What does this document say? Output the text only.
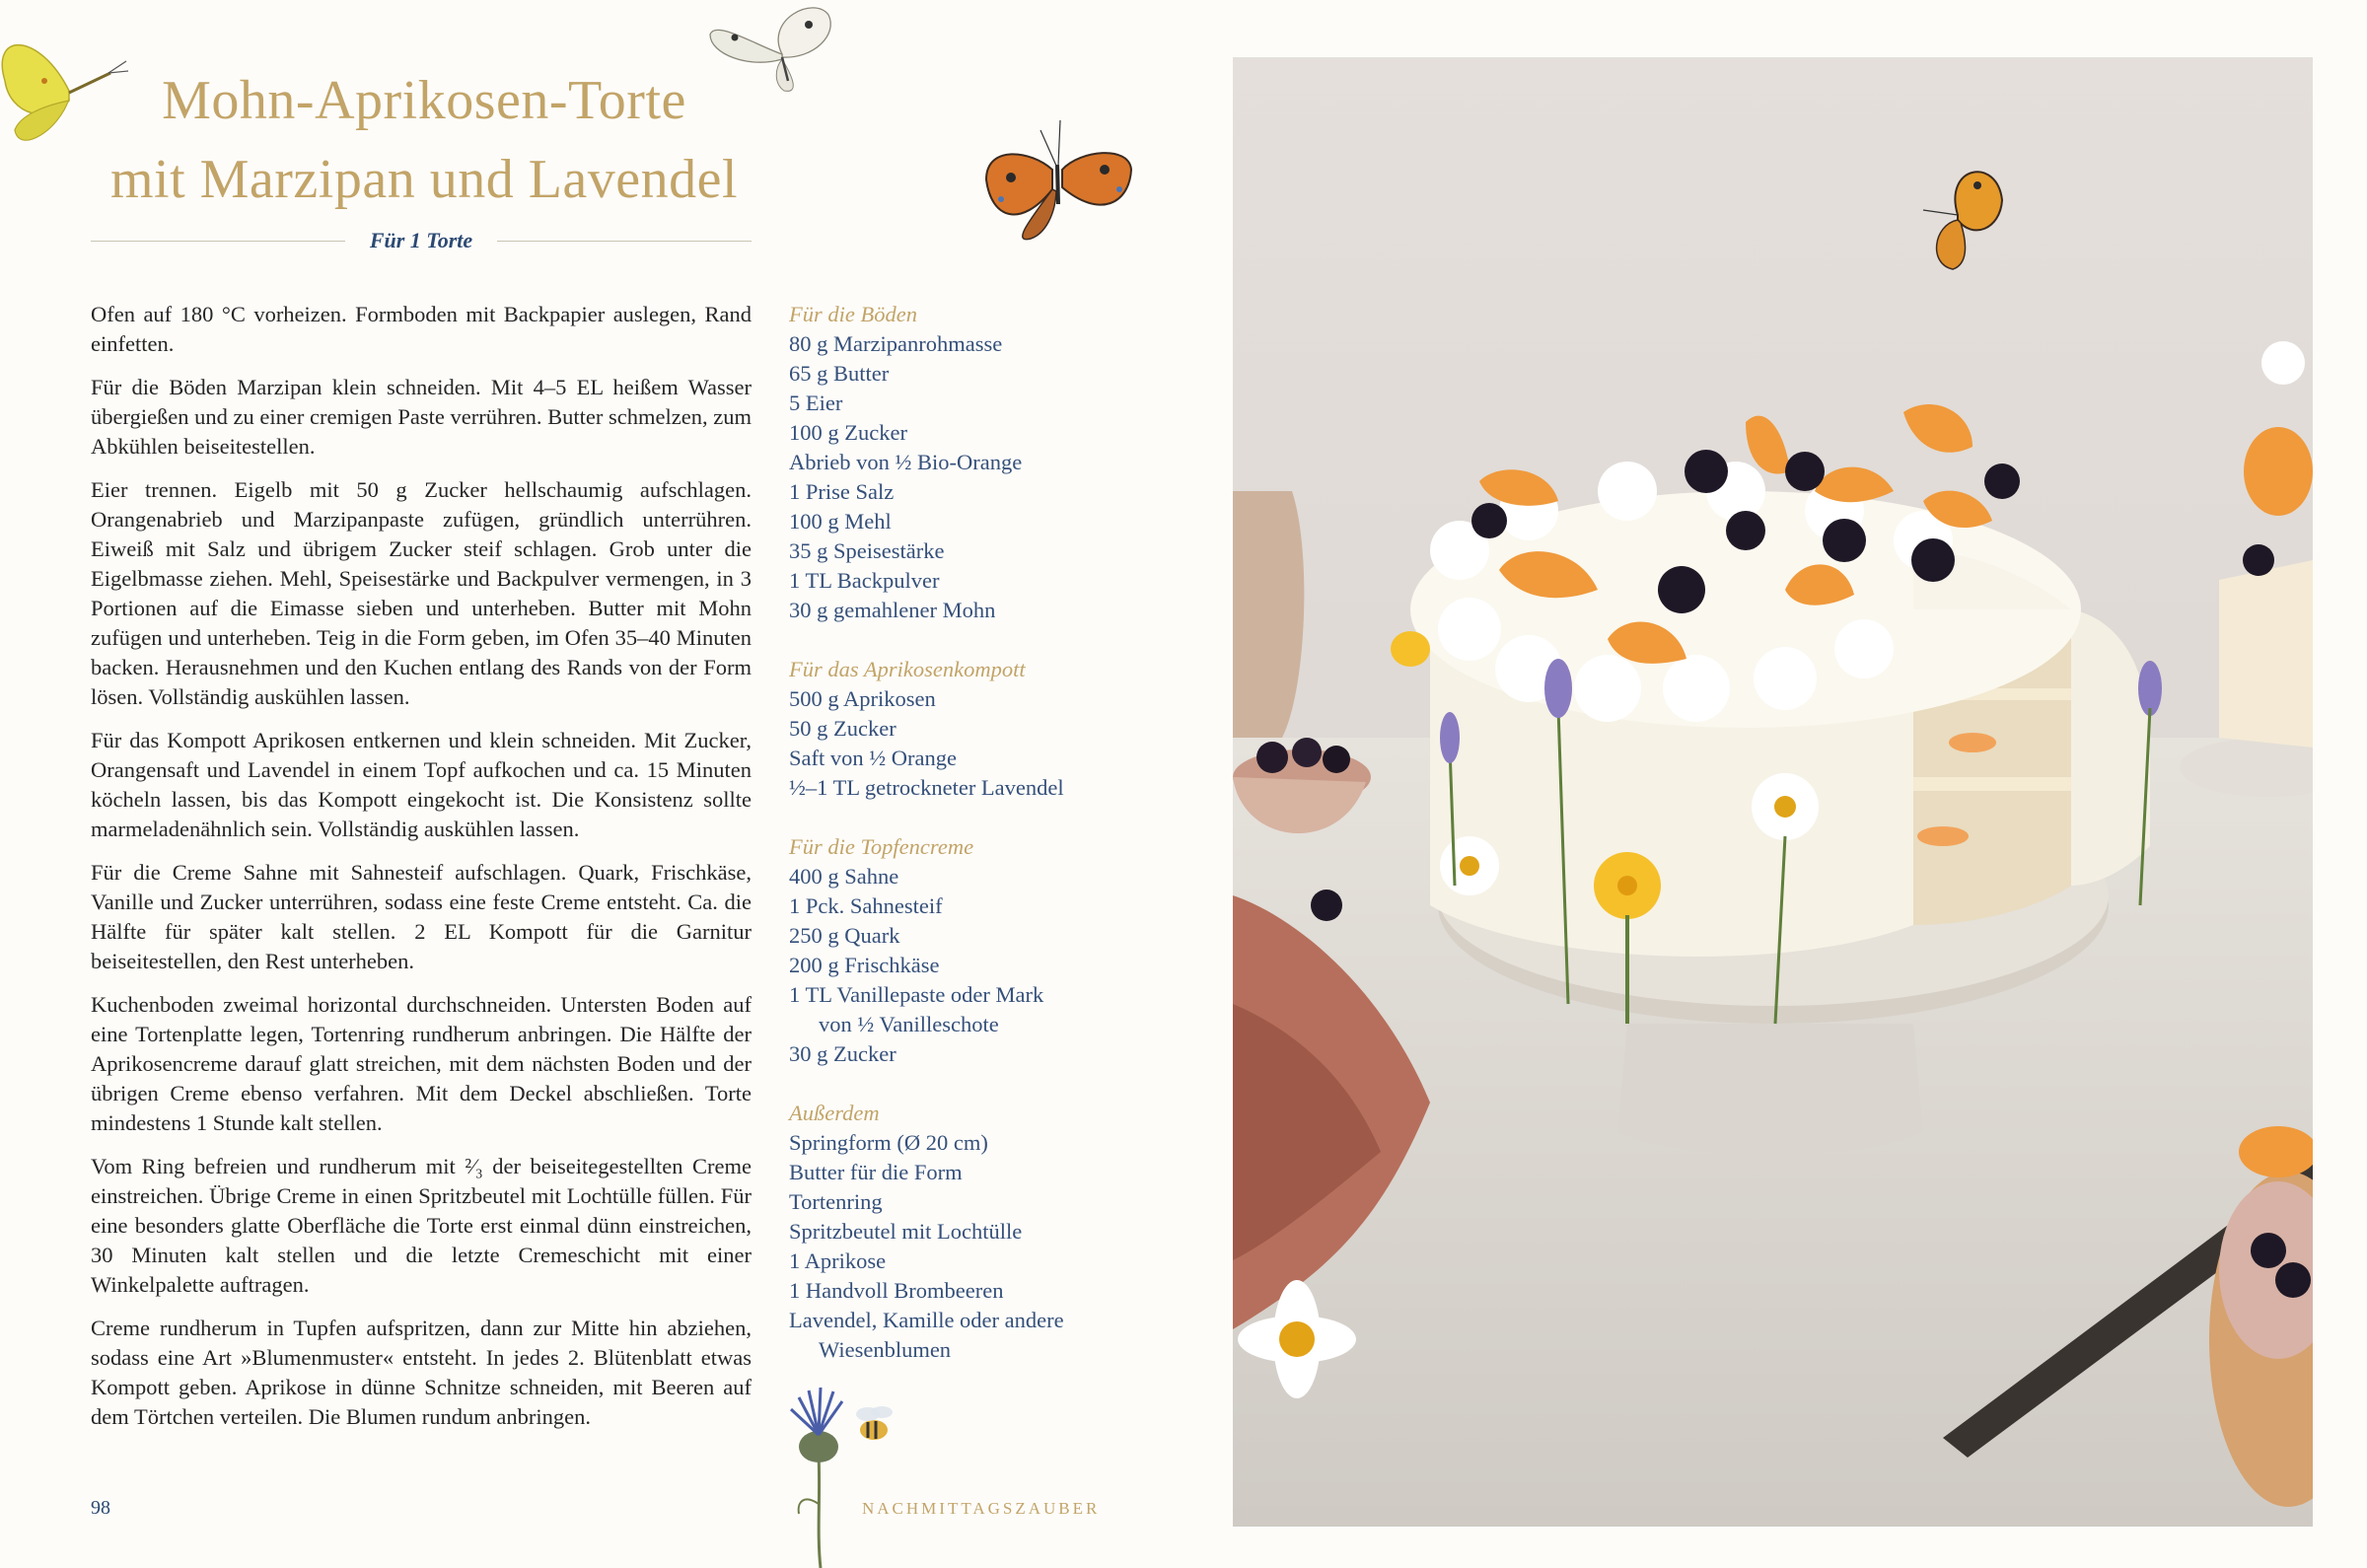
Mohn-Aprikosen-Torte
mit Marzipan und Lavendel
Für 1 Torte

Ofen auf 180 °C vorheizen. Formboden mit Backpapier auslegen, Rand einfetten.

Für die Böden Marzipan klein schneiden. Mit 4–5 EL heißem Wasser übergießen und zu einer cremigen Paste verrühren. Butter schmelzen, zum Abkühlen beiseitestellen.

Eier trennen. Eigelb mit 50 g Zucker hellschaumig aufschlagen. Orangenabrieb und Marzipanpaste zufügen, gründlich unterrühren. Eiweiß mit Salz und übrigem Zucker steif schlagen. Grob unter die Eigelbmasse ziehen. Mehl, Speisestärke und Backpulver vermengen, in 3 Portionen auf die Eimasse sieben und unterheben. Butter mit Mohn zufügen und unterheben. Teig in die Form geben, im Ofen 35–40 Minuten backen. Herausnehmen und den Kuchen entlang des Rands von der Form lösen. Vollständig auskühlen lassen.

Für das Kompott Aprikosen entkernen und klein schneiden. Mit Zucker, Orangensaft und Lavendel in einem Topf aufkochen und ca. 15 Minuten köcheln lassen, bis das Kompott eingekocht ist. Die Konsistenz sollte marmeladenähnlich sein. Vollständig auskühlen lassen.

Für die Creme Sahne mit Sahnesteif aufschlagen. Quark, Frischkäse, Vanille und Zucker unterrühren, sodass eine feste Creme entsteht. Ca. die Hälfte für später kalt stellen. 2 EL Kompott für die Garnitur beiseitestellen, den Rest unterheben.

Kuchenboden zweimal horizontal durchschneiden. Untersten Boden auf eine Tortenplatte legen, Tortenring rundherum anbringen. Die Hälfte der Aprikosencreme darauf glatt streichen, mit dem nächsten Boden und der übrigen Creme ebenso verfahren. Mit dem Deckel abschließen. Torte mindestens 1 Stunde kalt stellen.

Vom Ring befreien und rundherum mit ²⁄₃ der beiseitegestellten Creme einstreichen. Übrige Creme in einen Spritzbeutel mit Lochtülle füllen. Für eine besonders glatte Oberfläche die Torte erst einmal dünn einstreichen, 30 Minuten kalt stellen und die letzte Cremeschicht mit einer Winkelpalette auftragen.

Creme rundherum in Tupfen aufspritzen, dann zur Mitte hin abziehen, sodass eine Art »Blumenmuster« entsteht. In jedes 2. Blütenblatt etwas Kompott geben. Aprikose in dünne Schnitze schneiden, mit Beeren auf dem Törtchen verteilen. Die Blumen rundum anbringen.

Für die Böden
80 g Marzipanrohmasse
65 g Butter
5 Eier
100 g Zucker
Abrieb von ½ Bio-Orange
1 Prise Salz
100 g Mehl
35 g Speisestärke
1 TL Backpulver
30 g gemahlener Mohn
Für das Aprikosenkompott
500 g Aprikosen
50 g Zucker
Saft von ½ Orange
½–1 TL getrockneter Lavendel
Für die Topfencreme
400 g Sahne
1 Pck. Sahnesteif
250 g Quark
200 g Frischkäse
1 TL Vanillepaste oder Mark
von ½ Vanilleschote
30 g Zucker
Außerdem
Springform (Ø 20 cm)
Butter für die Form
Tortenring
Spritzbeutel mit Lochtülle
1 Aprikose
1 Handvoll Brombeeren
Lavendel, Kamille oder andere
Wiesenblumen
98	NACHMITTAGSZAUBER
